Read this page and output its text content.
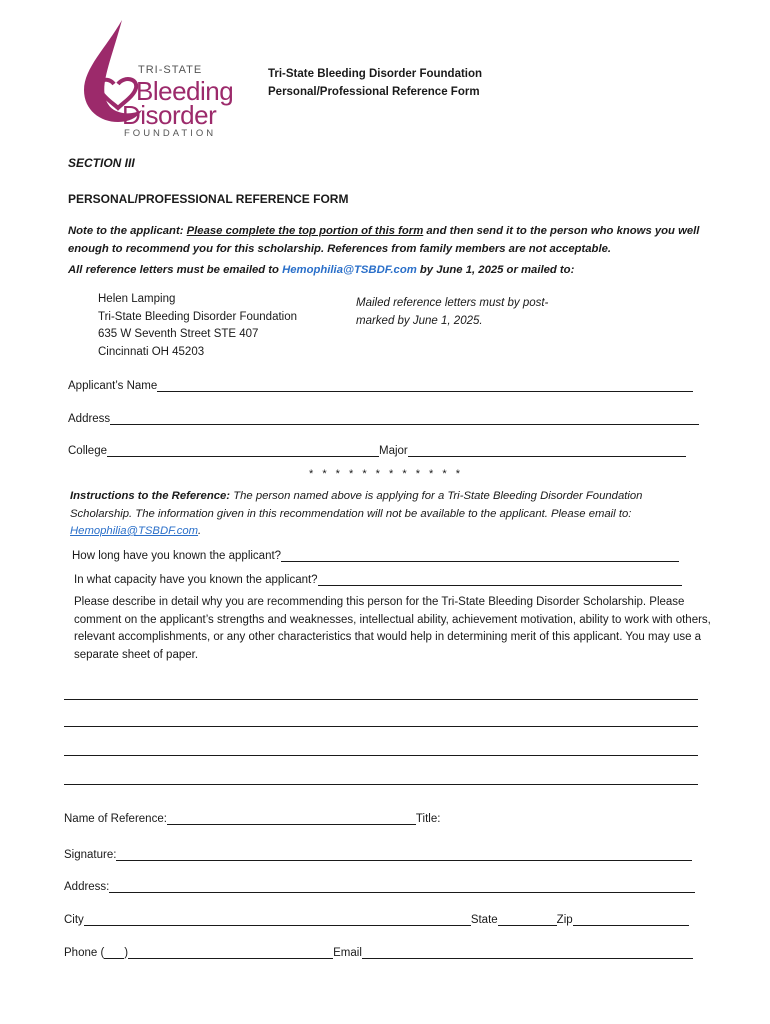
TRI-STATE
Bleeding
Disorder
FOUNDATION
Tri-State Bleeding Disorder Foundation
Personal/Professional Reference Form
SECTION III
PERSONAL/PROFESSIONAL REFERENCE FORM
Note to the applicant: Please complete the top portion of this form and then send it to the person who knows you well enough to recommend you for this scholarship. References from family members are not acceptable.
All reference letters must be emailed to Hemophilia@TSBDF.com by June 1, 2025 or mailed to:
Helen Lamping
Tri-State Bleeding Disorder Foundation
635 W Seventh Street STE 407
Cincinnati OH 45203
Mailed reference letters must by post-marked by June 1, 2025.
Applicant’s Name
Address
College	Major
* * * * * * * * * * * *
Instructions to the Reference: The person named above is applying for a Tri-State Bleeding Disorder Foundation Scholarship. The information given in this recommendation will not be available to the applicant. Please email to: Hemophilia@TSBDF.com.
How long have you known the applicant?
In what capacity have you known the applicant?
Please describe in detail why you are recommending this person for the Tri-State Bleeding Disorder Scholarship. Please comment on the applicant’s strengths and weaknesses, intellectual ability, achievement motivation, ability to work with others, relevant accomplishments, or any other characteristics that would help in determining merit of this applicant. You may use a separate sheet of paper.
Name of Reference:	Title:
Signature:
Address:
City	State	Zip
Phone ( )	Email
